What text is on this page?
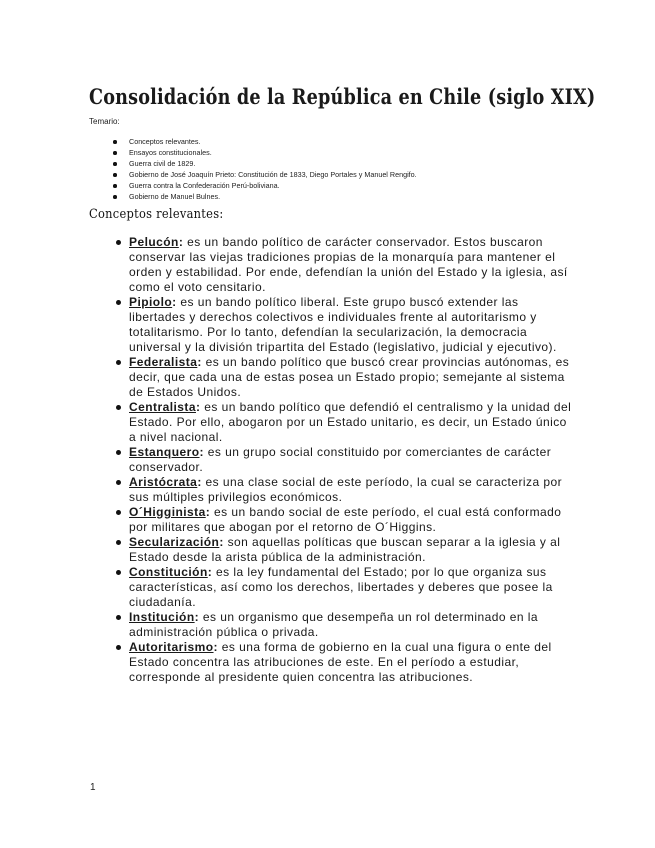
Consolidación de la República en Chile (siglo XIX)
Temario:
Conceptos relevantes.
Ensayos constitucionales.
Guerra civil de 1829.
Gobierno de José Joaquín Prieto: Constitución de 1833, Diego Portales y Manuel Rengifo.
Guerra contra la Confederación Perú-boliviana.
Gobierno de Manuel Bulnes.
Conceptos relevantes:
Pelucón: es un bando político de carácter conservador. Estos buscaron conservar las viejas tradiciones propias de la monarquía para mantener el orden y estabilidad. Por ende, defendían la unión del Estado y la iglesia, así como el voto censitario.
Pipiolo: es un bando político liberal. Este grupo buscó extender las libertades y derechos colectivos e individuales frente al autoritarismo y totalitarismo. Por lo tanto, defendían la secularización, la democracia universal y la división tripartita del Estado (legislativo, judicial y ejecutivo).
Federalista: es un bando político que buscó crear provincias autónomas, es decir, que cada una de estas posea un Estado propio; semejante al sistema de Estados Unidos.
Centralista: es un bando político que defendió el centralismo y la unidad del Estado. Por ello, abogaron por un Estado unitario, es decir, un Estado único a nivel nacional.
Estanquero: es un grupo social constituido por comerciantes de carácter conservador.
Aristócrata: es una clase social de este período, la cual se caracteriza por sus múltiples privilegios económicos.
O´Higginista: es un bando social de este período, el cual está conformado por militares que abogan por el retorno de O´Higgins.
Secularización: son aquellas políticas que buscan separar a la iglesia y al Estado desde la arista pública de la administración.
Constitución: es la ley fundamental del Estado; por lo que organiza sus características, así como los derechos, libertades y deberes que posee la ciudadanía.
Institución: es un organismo que desempeña un rol determinado en la administración pública o privada.
Autoritarismo: es una forma de gobierno en la cual una figura o ente del Estado concentra las atribuciones de este. En el período a estudiar, corresponde al presidente quien concentra las atribuciones.
1
